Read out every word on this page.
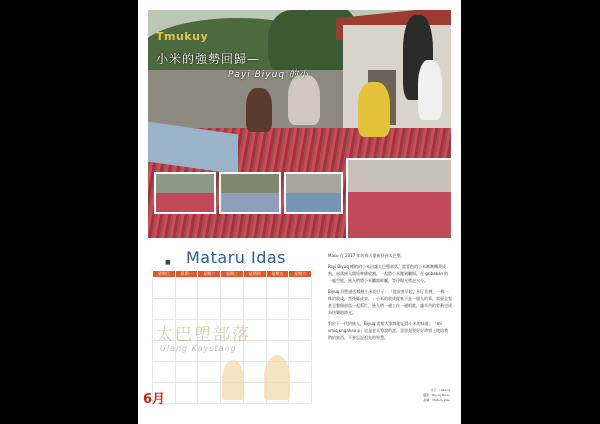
Tmukuy
小米的強勢回歸—
Payi Biyuq 的小
■ Mataru Idas
星期日	星期一	星期二	星期三	星期四	星期五	星期六

太巴塱部落
Ulang Kaystang
6月

Masu 在 2017 年的春天重新回到太巴塱。

Payi Biyuq 種植的小米田讓太巴塱部落，當青色的小米漸漸轉黃成熟，部落族人開始準備收割，一起將小米搬到曬場。在 gribaban 的一處空地，族人們將小米攤開晾曬，等待陽光帶走水分。

Biyuq 回想過去種植小米的日子：「從前要早起，到了田裡，一株一株的收成，然後綁成束。」小米的收成從來不是一個人的事，需要全家甚至整個部落一起幫忙，族人們一邊工作一邊唱歌，讓辛苦的勞動也成為快樂的時光。

對於下一代的族人，Biyuq 希望大家都能記得小米的味道。「mi smiq kngahan p」這是老人家說的話，意思是要好好珍惜土地給我們的東西，不要忘記祖先的智慧。

文字：Ulaang
攝影：Biyuq Kulau
美編：Mataru Idas
